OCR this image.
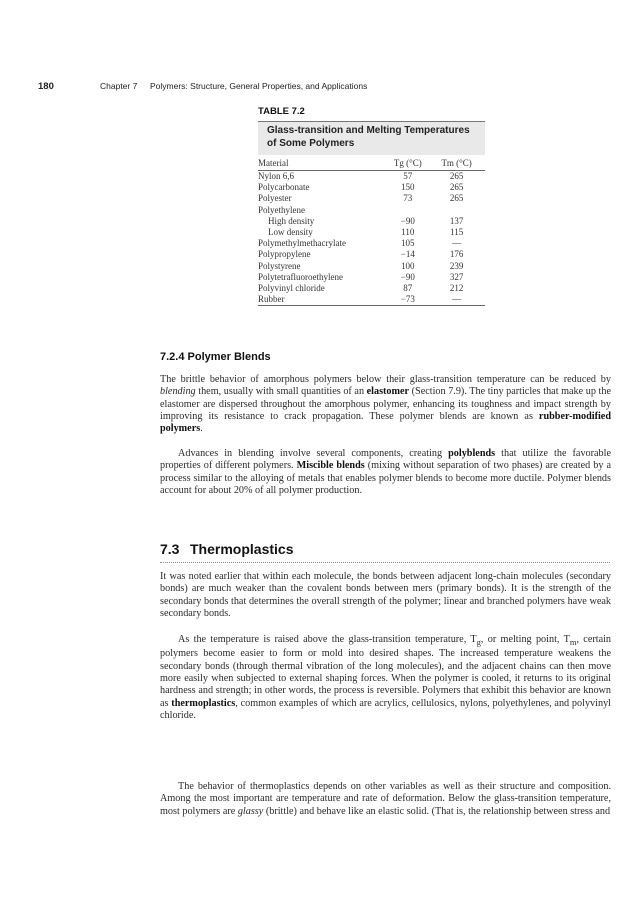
180	Chapter 7 Polymers: Structure, General Properties, and Applications
TABLE 7.2
Glass-transition and Melting Temperatures
of Some Polymers
Material	Tg (°C)	Tm (°C)
Nylon 6,6	57	265
Polycarbonate	150	265
Polyester	73	265
Polyethylene		
High density	−90	137
Low density	110	115
Polymethylmethacrylate	105	—
Polypropylene	−14	176
Polystyrene	100	239
Polytetrafluoroethylene	−90	327
Polyvinyl chloride	87	212
Rubber	−73	—
7.2.4 Polymer Blends

The brittle behavior of amorphous polymers below their glass-transition temperature can be reduced by blending them, usually with small quantities of an elastomer (Section 7.9). The tiny particles that make up the elastomer are dispersed throughout the amorphous polymer, enhancing its toughness and impact strength by improving its resistance to crack propagation. These polymer blends are known as rubber-modified polymers.

Advances in blending involve several components, creating polyblends that utilize the favorable properties of different polymers. Miscible blends (mixing without separation of two phases) are created by a process similar to the alloying of metals that enables polymer blends to become more ductile. Polymer blends account for about 20% of all polymer production.

7.3 Thermoplastics

It was noted earlier that within each molecule, the bonds between adjacent long-chain molecules (secondary bonds) are much weaker than the covalent bonds between mers (primary bonds). It is the strength of the secondary bonds that determines the overall strength of the polymer; linear and branched polymers have weak secondary bonds.

As the temperature is raised above the glass-transition temperature, $T_g$, or melting point, $T_m$, certain polymers become easier to form or mold into desired shapes. The increased temperature weakens the secondary bonds (through thermal vibration of the long molecules), and the adjacent chains can then move more easily when subjected to external shaping forces. When the polymer is cooled, it returns to its original hardness and strength; in other words, the process is reversible. Polymers that exhibit this behavior are known as thermoplastics, common examples of which are acrylics, cellulosics, nylons, polyethylenes, and polyvinyl chloride.

The behavior of thermoplastics depends on other variables as well as their structure and composition. Among the most important are temperature and rate of deformation. Below the glass-transition temperature, most polymers are glassy (brittle) and behave like an elastic solid. (That is, the relationship between stress and
